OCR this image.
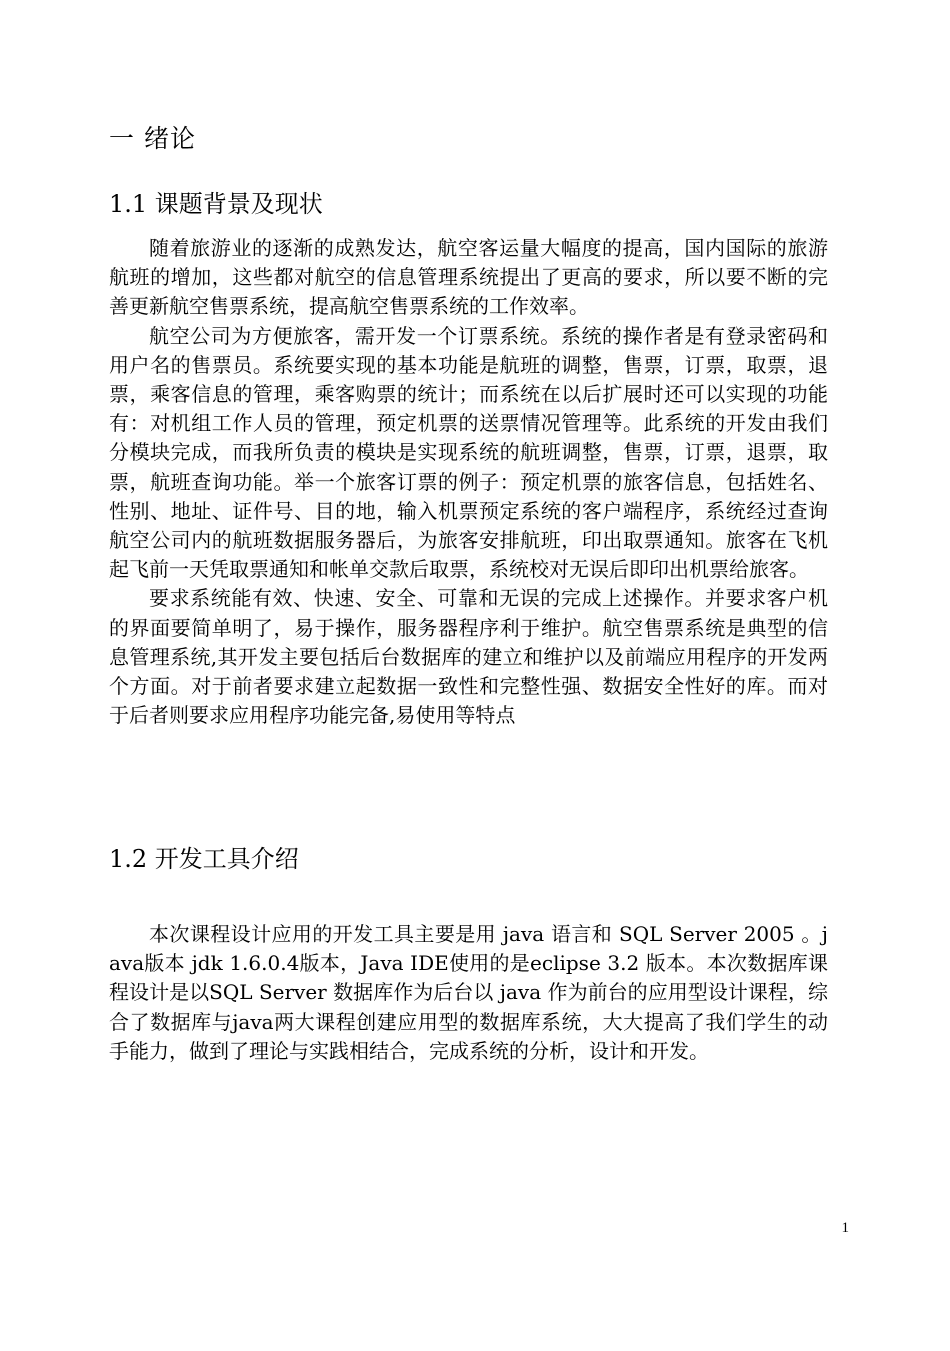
一 绪论
1.1 课题背景及现状

随着旅游业的逐渐的成熟发达，航空客运量大幅度的提高，国内国际的旅游航班的增加，这些都对航空的信息管理系统提出了更高的要求，所以要不断的完善更新航空售票系统，提高航空售票系统的工作效率。

航空公司为方便旅客，需开发一个订票系统。系统的操作者是有登录密码和用户名的售票员。系统要实现的基本功能是航班的调整，售票，订票，取票，退票，乘客信息的管理，乘客购票的统计；而系统在以后扩展时还可以实现的功能有：对机组工作人员的管理，预定机票的送票情况管理等。此系统的开发由我们分模块完成，而我所负责的模块是实现系统的航班调整，售票，订票，退票，取票，航班查询功能。举一个旅客订票的例子：预定机票的旅客信息，包括姓名、性别、地址、证件号、目的地，输入机票预定系统的客户端程序，系统经过查询航空公司内的航班数据服务器后，为旅客安排航班，印出取票通知。旅客在飞机起飞前一天凭取票通知和帐单交款后取票，系统校对无误后即印出机票给旅客。

要求系统能有效、快速、安全、可靠和无误的完成上述操作。并要求客户机的界面要简单明了，易于操作，服务器程序利于维护。航空售票系统是典型的信息管理系统,其开发主要包括后台数据库的建立和维护以及前端应用程序的开发两个方面。对于前者要求建立起数据一致性和完整性强、数据安全性好的库。而对于后者则要求应用程序功能完备,易使用等特点

1.2 开发工具介绍

本次课程设计应用的开发工具主要是用 java 语言和 SQL Server 2005 。java版本 jdk 1.6.0.4版本，Java IDE使用的是eclipse 3.2 版本。本次数据库课程设计是以SQL Server 数据库作为后台以 java 作为前台的应用型设计课程，综合了数据库与java两大课程创建应用型的数据库系统，大大提高了我们学生的动手能力，做到了理论与实践相结合，完成系统的分析，设计和开发。

1
